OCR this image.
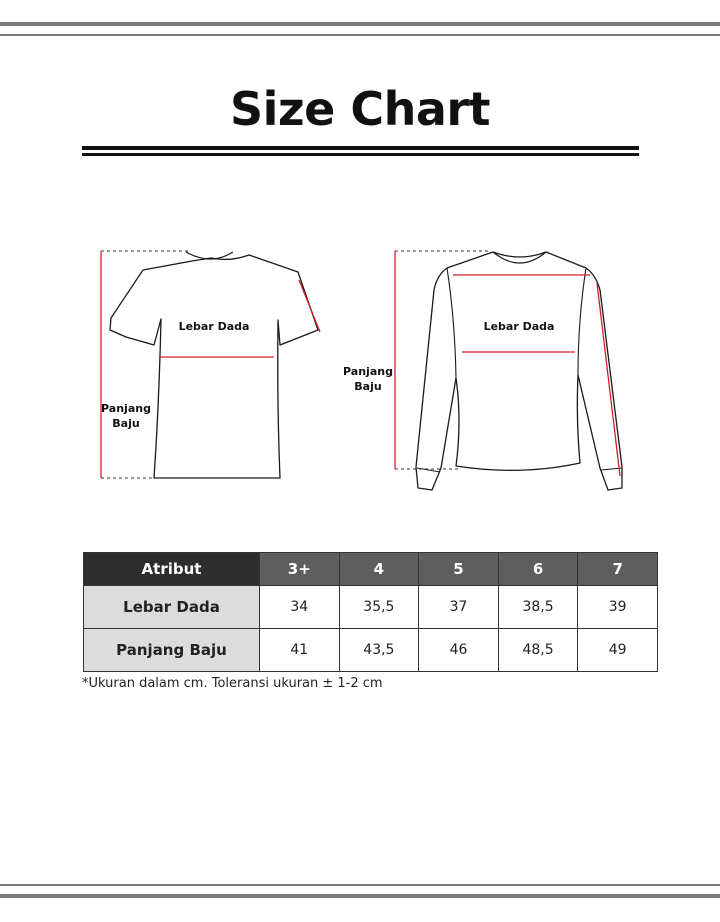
Size Chart
Lebar Dada
Panjang
Baju
Lebar Dada
Panjang
Baju
Atribut	3+	4	5	6	7
Lebar Dada	34	35,5	37	38,5	39
Panjang Baju	41	43,5	46	48,5	49
*Ukuran dalam cm. Toleransi ukuran ± 1-2 cm
